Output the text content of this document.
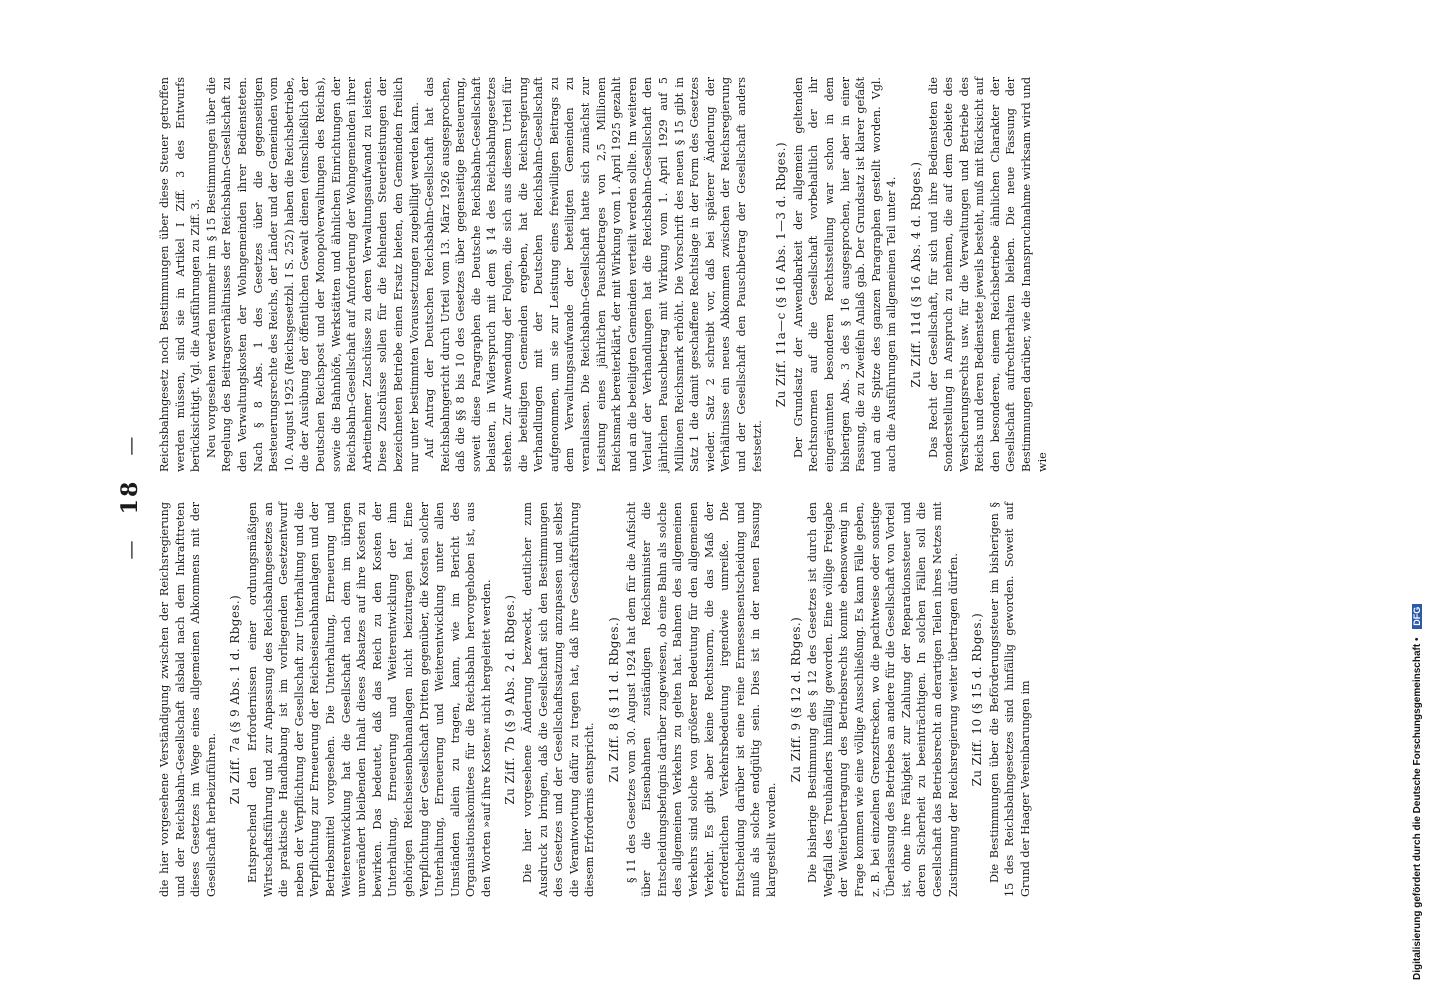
—   18   —

die hier vorgesehene Verständigung zwischen der Reichsregierung und der Reichsbahn-Gesellschaft alsbald nach dem Inkrafttreten dieses Gesetzes im Wege eines allgemeinen Abkommens mit der Gesellschaft herbeizuführen.

Zu Ziff. 7a (§ 9 Abs. 1 d. Rbges.) Entsprechend den Erfordernissen einer ordnungsmäßigen Wirtschaftsführung und zur Anpassung des Reichsbahngesetzes an die praktische Handhabung ist im vorliegenden Gesetzentwurf neben der Verpflichtung der Gesellschaft zur Unterhaltung und die Verpflichtung zur Erneuerung der Reichseisenbahnanlagen und der Betriebsmittel vorgesehen. Die Unterhaltung, Erneuerung und Weiterentwicklung hat die Gesellschaft nach dem im übrigen unverändert bleibenden Inhalt dieses Absatzes auf ihre Kosten zu bewirken. Das bedeutet, daß das Reich zu den Kosten der Unterhaltung, Erneuerung und Weiterentwicklung der ihm gehörigen Reichseisenbahnanlagen nicht beizutragen hat. Eine Verpflichtung der Gesellschaft Dritten gegenüber, die Kosten solcher Unterhaltung, Erneuerung und Weiterentwicklung unter allen Umständen allein zu tragen, kann, wie im Bericht des Organisationskomitees für die Reichsbahn hervorgehoben ist, aus den Worten »auf ihre Kosten« nicht hergeleitet werden. Zu Ziff. 7b (§ 9 Abs. 2 d. Rbges.) Die hier vorgesehene Änderung bezweckt, deutlicher zum Ausdruck zu bringen, daß die Gesellschaft sich den Bestimmungen des Gesetzes und der Gesellschaftssatzung anzupassen und selbst die Verantwortung dafür zu tragen hat, daß ihre Geschäftsführung diesem Erfordernis entspricht.

Zu Ziff. 8 (§ 11 d. Rbges.) § 11 des Gesetzes vom 30. August 1924 hat dem für die Aufsicht über die Eisenbahnen zuständigen Reichsminister die Entscheidungsbefugnis darüber zugewiesen, ob eine Bahn als solche des allgemeinen Verkehrs zu gelten hat. Bahnen des allgemeinen Verkehrs sind solche von größerer Bedeutung für den allgemeinen Verkehr. Es gibt aber keine Rechtsnorm, die das Maß der erforderlichen Verkehrsbedeutung irgendwie umreiße. Die Entscheidung darüber ist eine reine Ermessensentscheidung und muß als solche endgültig sein. Dies ist in der neuen Fassung klargestellt worden.

Zu Ziff. 9 (§ 12 d. Rbges.) Die bisherige Bestimmung des § 12 des Gesetzes ist durch den Wegfall des Treuhänders hinfällig geworden. Eine völlige Freigabe der Weiterübertragung des Betriebsrechts konnte ebensowenig in Frage kommen wie eine völlige Ausschließung. Es kann Fälle geben, z. B. bei einzelnen Grenzstrecken, wo die pachtweise oder sonstige Überlassung des Betriebes an andere für die Gesellschaft von Vorteil ist, ohne ihre Fähigkeit zur Zahlung der Reparationssteuer und deren Sicherheit zu beeinträchtigen. In solchen Fällen soll die Gesellschaft das Betriebsrecht an derartigen Teilen ihres Netzes mit Zustimmung der Reichsregierung weiter übertragen dürfen. Zu Ziff. 10 (§ 15 d. Rbges.) Die Bestimmungen über die Beförderungssteuer im bisherigen § 15 des Reichsbahngesetzes sind hinfällig geworden. Soweit auf Grund der Haager Vereinbarungen im

Reichsbahngesetz noch Bestimmungen über diese Steuer getroffen werden müssen, sind sie in Artikel I Ziff. 3 des Entwurfs berücksichtigt. Vgl. die Ausführungen zu Ziff. 3. Neu vorgesehen werden nunmehr im § 15 Bestimmungen über die Regelung des Beitragsverhältnisses der Reichsbahn-Gesellschaft zu den Verwaltungskosten der Wohngemeinden ihrer Bediensteten. Nach § 8 Abs. 1 des Gesetzes über die gegenseitigen Besteuerungsrechte des Reichs, der Länder und der Gemeinden vom 10. August 1925 (Reichsgesetzbl. I S. 252) haben die Reichsbetriebe, die der Ausübung der öffentlichen Gewalt dienen (einschließlich der Deutschen Reichspost und der Monopolverwaltungen des Reichs), sowie die Bahnhöfe, Werkstätten und ähnlichen Einrichtungen der Reichsbahn-Gesellschaft auf Anforderung der Wohngemeinden ihrer Arbeitnehmer Zuschüsse zu deren Verwaltungsaufwand zu leisten. Diese Zuschüsse sollen für die fehlenden Steuerleistungen der bezeichneten Betriebe einen Ersatz bieten, den Gemeinden freilich nur unter bestimmten Voraussetzungen zugebilligt werden kann. Auf Antrag der Deutschen Reichsbahn-Gesellschaft hat das Reichsbahngericht durch Urteil vom 13. März 1926 ausgesprochen, daß die §§ 8 bis 10 des Gesetzes über gegenseitige Besteuerung, soweit diese Paragraphen die Deutsche Reichsbahn-Gesellschaft belasten, in Widerspruch mit dem § 14 des Reichsbahngesetzes stehen. Zur Anwendung der Folgen, die sich aus diesem Urteil für die beteiligten Gemeinden ergeben, hat die Reichsregierung Verhandlungen mit der Deutschen Reichsbahn-Gesellschaft aufgenommen, um sie zur Leistung eines freiwilligen Beitrags zu dem Verwaltungsaufwande der beteiligten Gemeinden zu veranlassen. Die Reichsbahn-Gesellschaft hatte sich zunächst zur Leistung eines jährlichen Pauschbetrages von 2,5 Millionen Reichsmark bereiterklärt, der mit Wirkung vom 1. April 1925 gezahlt und an die beteiligten Gemeinden verteilt werden sollte. Im weiteren Verlauf der Verhandlungen hat die Reichsbahn-Gesellschaft den jährlichen Pauschbetrag mit Wirkung vom 1. April 1929 auf 5 Millionen Reichsmark erhöht. Die Vorschrift des neuen § 15 gibt in Satz 1 die damit geschaffene Rechtslage in der Form des Gesetzes wieder. Satz 2 schreibt vor, daß bei späterer Änderung der Verhältnisse ein neues Abkommen zwischen der Reichsregierung und der Gesellschaft den Pauschbetrag der Gesellschaft anders festsetzt.

Zu Ziff. 11a—c (§ 16 Abs. 1—3 d. Rbges.) Der Grundsatz der Anwendbarkeit der allgemein geltenden Rechtsnormen auf die Gesellschaft vorbehaltlich der ihr eingeräumten besonderen Rechtsstellung war schon in dem bisherigen Abs. 3 des § 16 ausgesprochen, hier aber in einer Fassung, die zu Zweifeln Anlaß gab. Der Grundsatz ist klarer gefaßt und an die Spitze des ganzen Paragraphen gestellt worden. Vgl. auch die Ausführungen im allgemeinen Teil unter 4. Zu Ziff. 11d (§ 16 Abs. 4 d. Rbges.) Das Recht der Gesellschaft, für sich und ihre Bediensteten die Sonderstellung in Anspruch zu nehmen, die auf dem Gebiete des Versicherungsrechts usw. für die Verwaltungen und Betriebe des Reichs und deren Bedienstete jeweils besteht, muß mit Rücksicht auf den besonderen, einem Reichsbetriebe ähnlichen Charakter der Gesellschaft aufrechterhalten bleiben. Die neue Fassung der Bestimmungen darüber, wie die Inanspruchnahme wirksam wird und wie

Digitalisierung gefördert durch die Deutsche Forschungsgemeinschaft • DFG
